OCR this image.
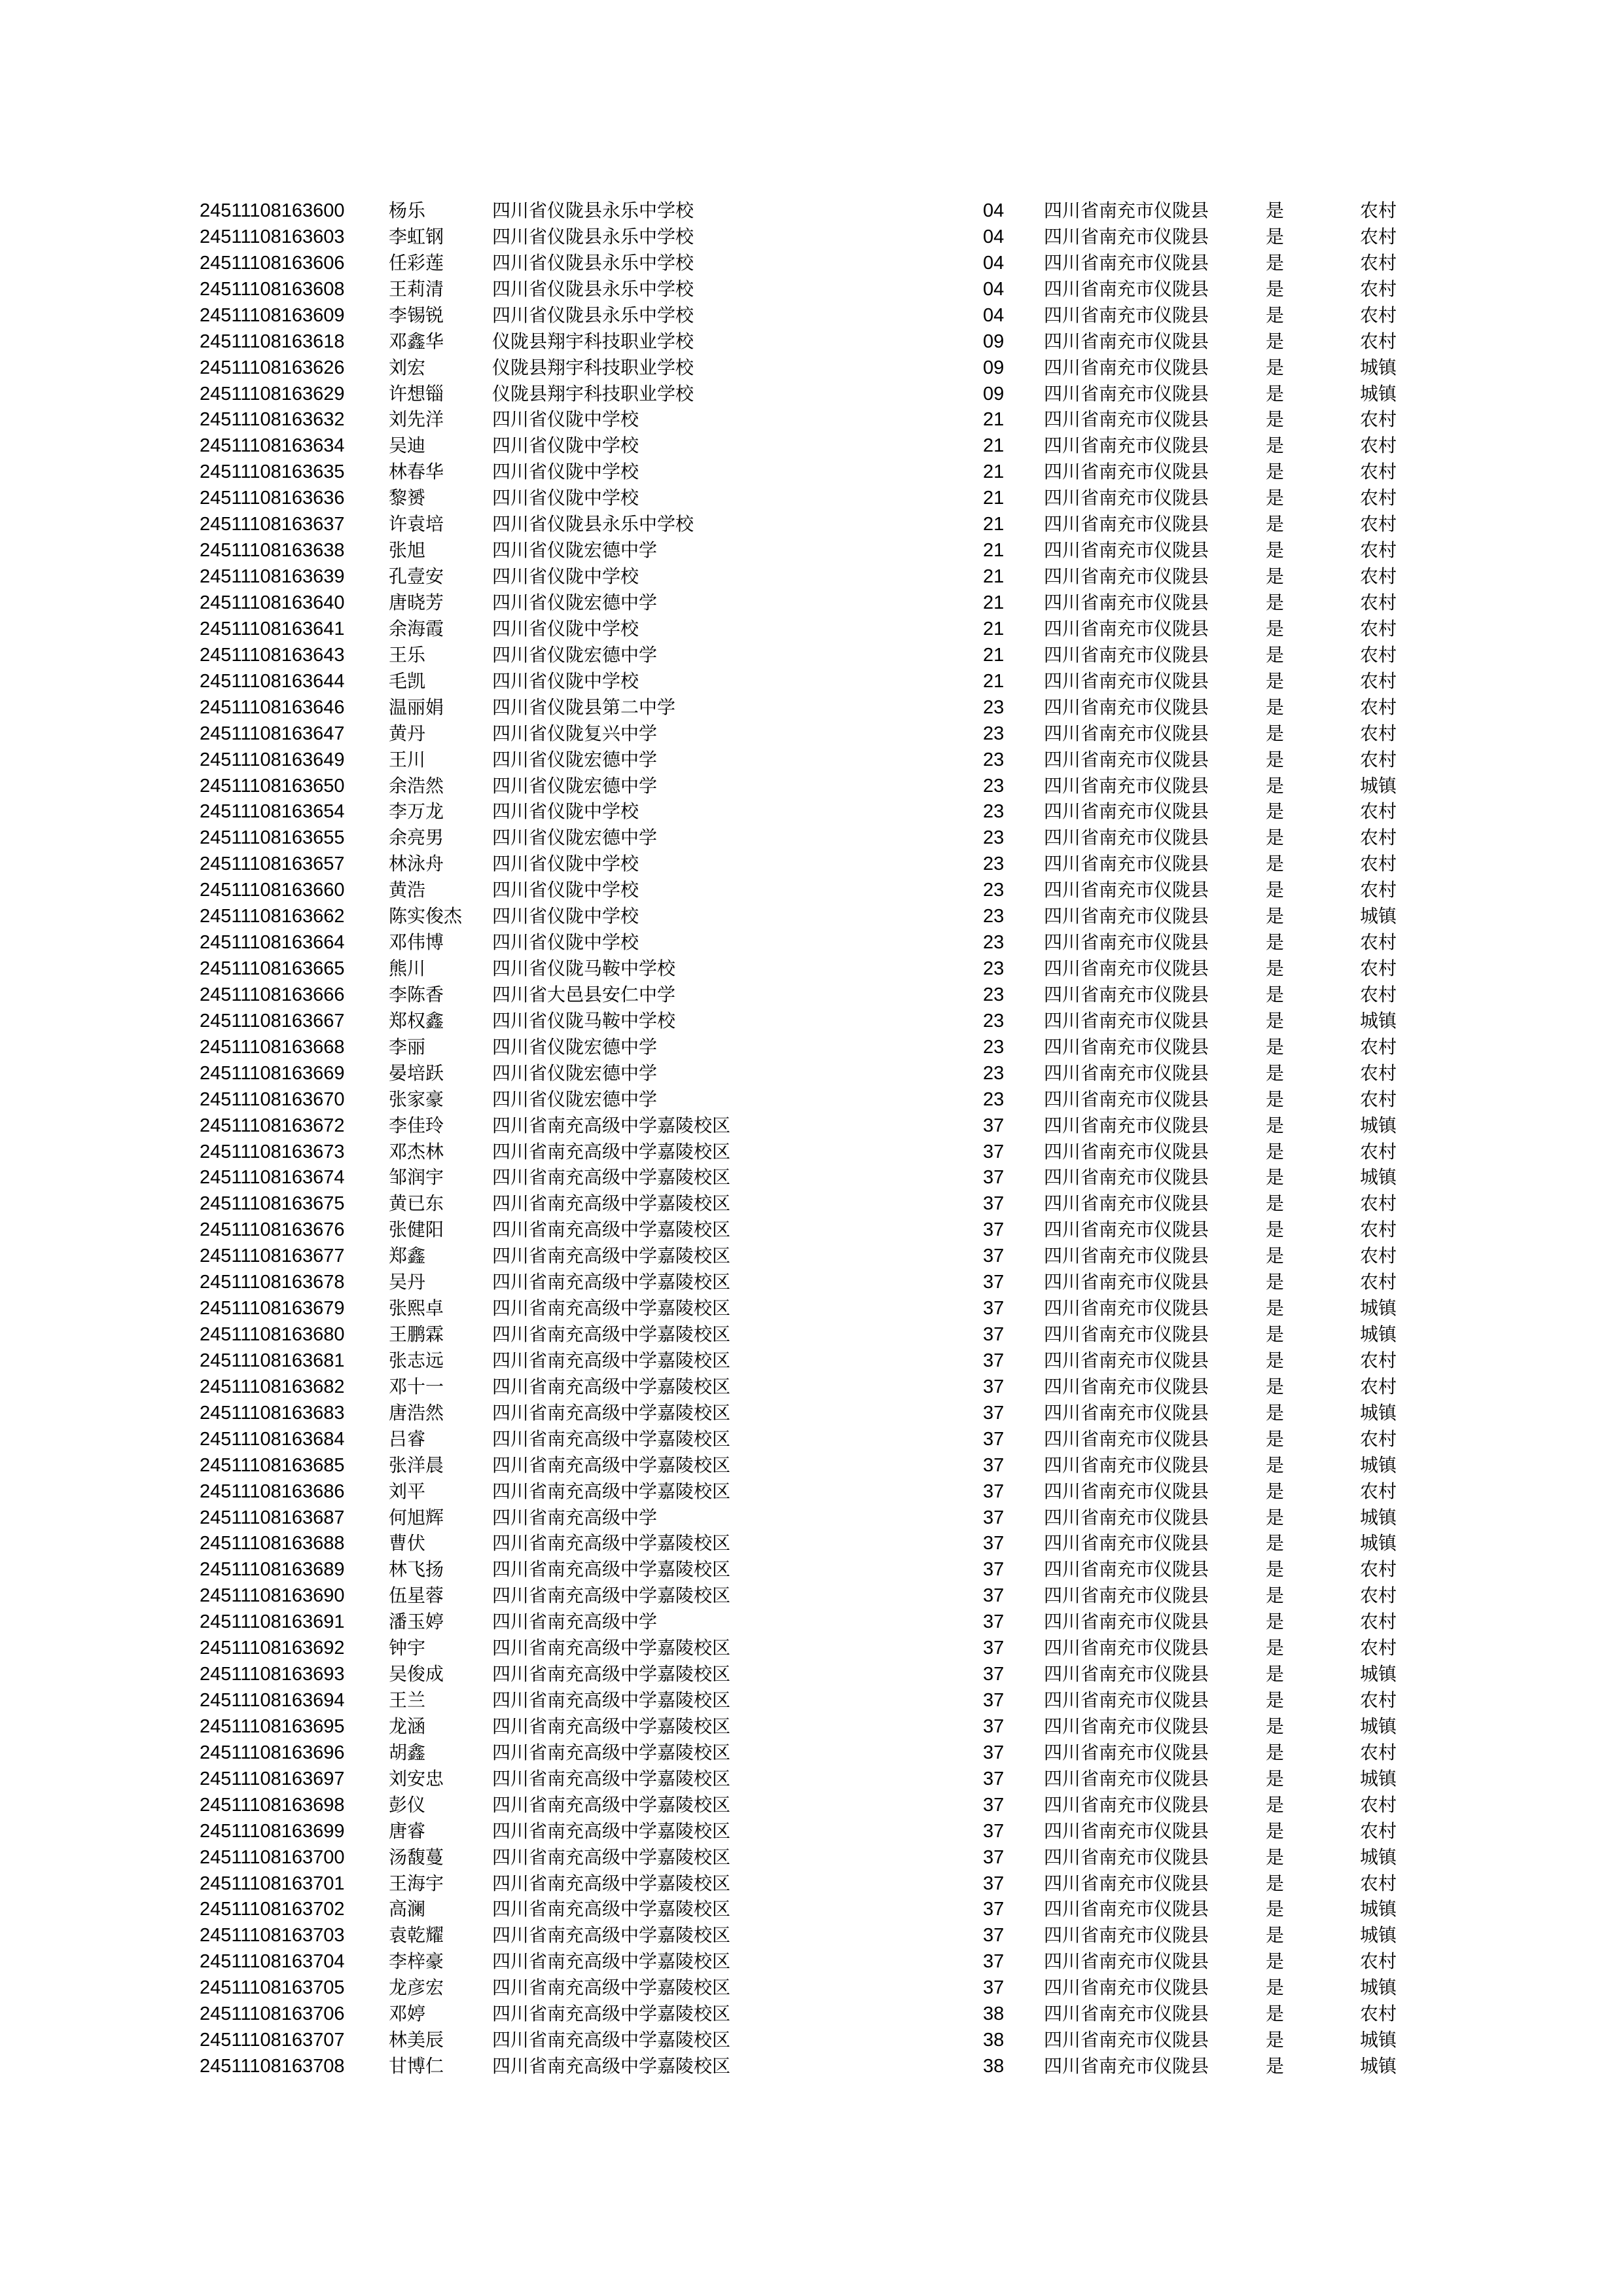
24511108163600	杨乐	四川省仪陇县永乐中学校	04	四川省南充市仪陇县	是	农村
24511108163603	李虹钢	四川省仪陇县永乐中学校	04	四川省南充市仪陇县	是	农村
24511108163606	任彩莲	四川省仪陇县永乐中学校	04	四川省南充市仪陇县	是	农村
24511108163608	王莉清	四川省仪陇县永乐中学校	04	四川省南充市仪陇县	是	农村
24511108163609	李锡锐	四川省仪陇县永乐中学校	04	四川省南充市仪陇县	是	农村
24511108163618	邓鑫华	仪陇县翔宇科技职业学校	09	四川省南充市仪陇县	是	农村
24511108163626	刘宏	仪陇县翔宇科技职业学校	09	四川省南充市仪陇县	是	城镇
24511108163629	许想锱	仪陇县翔宇科技职业学校	09	四川省南充市仪陇县	是	城镇
24511108163632	刘先洋	四川省仪陇中学校	21	四川省南充市仪陇县	是	农村
24511108163634	吴迪	四川省仪陇中学校	21	四川省南充市仪陇县	是	农村
24511108163635	林春华	四川省仪陇中学校	21	四川省南充市仪陇县	是	农村
24511108163636	黎赟	四川省仪陇中学校	21	四川省南充市仪陇县	是	农村
24511108163637	许袁培	四川省仪陇县永乐中学校	21	四川省南充市仪陇县	是	农村
24511108163638	张旭	四川省仪陇宏德中学	21	四川省南充市仪陇县	是	农村
24511108163639	孔壹安	四川省仪陇中学校	21	四川省南充市仪陇县	是	农村
24511108163640	唐晓芳	四川省仪陇宏德中学	21	四川省南充市仪陇县	是	农村
24511108163641	余海霞	四川省仪陇中学校	21	四川省南充市仪陇县	是	农村
24511108163643	王乐	四川省仪陇宏德中学	21	四川省南充市仪陇县	是	农村
24511108163644	毛凯	四川省仪陇中学校	21	四川省南充市仪陇县	是	农村
24511108163646	温丽娟	四川省仪陇县第二中学	23	四川省南充市仪陇县	是	农村
24511108163647	黄丹	四川省仪陇复兴中学	23	四川省南充市仪陇县	是	农村
24511108163649	王川	四川省仪陇宏德中学	23	四川省南充市仪陇县	是	农村
24511108163650	余浩然	四川省仪陇宏德中学	23	四川省南充市仪陇县	是	城镇
24511108163654	李万龙	四川省仪陇中学校	23	四川省南充市仪陇县	是	农村
24511108163655	余亮男	四川省仪陇宏德中学	23	四川省南充市仪陇县	是	农村
24511108163657	林泳舟	四川省仪陇中学校	23	四川省南充市仪陇县	是	农村
24511108163660	黄浩	四川省仪陇中学校	23	四川省南充市仪陇县	是	农村
24511108163662	陈实俊杰	四川省仪陇中学校	23	四川省南充市仪陇县	是	城镇
24511108163664	邓伟博	四川省仪陇中学校	23	四川省南充市仪陇县	是	农村
24511108163665	熊川	四川省仪陇马鞍中学校	23	四川省南充市仪陇县	是	农村
24511108163666	李陈香	四川省大邑县安仁中学	23	四川省南充市仪陇县	是	农村
24511108163667	郑权鑫	四川省仪陇马鞍中学校	23	四川省南充市仪陇县	是	城镇
24511108163668	李丽	四川省仪陇宏德中学	23	四川省南充市仪陇县	是	农村
24511108163669	晏培跃	四川省仪陇宏德中学	23	四川省南充市仪陇县	是	农村
24511108163670	张家豪	四川省仪陇宏德中学	23	四川省南充市仪陇县	是	农村
24511108163672	李佳玲	四川省南充高级中学嘉陵校区	37	四川省南充市仪陇县	是	城镇
24511108163673	邓杰林	四川省南充高级中学嘉陵校区	37	四川省南充市仪陇县	是	农村
24511108163674	邹润宇	四川省南充高级中学嘉陵校区	37	四川省南充市仪陇县	是	城镇
24511108163675	黄已东	四川省南充高级中学嘉陵校区	37	四川省南充市仪陇县	是	农村
24511108163676	张健阳	四川省南充高级中学嘉陵校区	37	四川省南充市仪陇县	是	农村
24511108163677	郑鑫	四川省南充高级中学嘉陵校区	37	四川省南充市仪陇县	是	农村
24511108163678	吴丹	四川省南充高级中学嘉陵校区	37	四川省南充市仪陇县	是	农村
24511108163679	张熙卓	四川省南充高级中学嘉陵校区	37	四川省南充市仪陇县	是	城镇
24511108163680	王鹏霖	四川省南充高级中学嘉陵校区	37	四川省南充市仪陇县	是	城镇
24511108163681	张志远	四川省南充高级中学嘉陵校区	37	四川省南充市仪陇县	是	农村
24511108163682	邓十一	四川省南充高级中学嘉陵校区	37	四川省南充市仪陇县	是	农村
24511108163683	唐浩然	四川省南充高级中学嘉陵校区	37	四川省南充市仪陇县	是	城镇
24511108163684	吕睿	四川省南充高级中学嘉陵校区	37	四川省南充市仪陇县	是	农村
24511108163685	张洋晨	四川省南充高级中学嘉陵校区	37	四川省南充市仪陇县	是	城镇
24511108163686	刘平	四川省南充高级中学嘉陵校区	37	四川省南充市仪陇县	是	农村
24511108163687	何旭辉	四川省南充高级中学	37	四川省南充市仪陇县	是	城镇
24511108163688	曹伏	四川省南充高级中学嘉陵校区	37	四川省南充市仪陇县	是	城镇
24511108163689	林飞扬	四川省南充高级中学嘉陵校区	37	四川省南充市仪陇县	是	农村
24511108163690	伍星蓉	四川省南充高级中学嘉陵校区	37	四川省南充市仪陇县	是	农村
24511108163691	潘玉婷	四川省南充高级中学	37	四川省南充市仪陇县	是	农村
24511108163692	钟宇	四川省南充高级中学嘉陵校区	37	四川省南充市仪陇县	是	农村
24511108163693	吴俊成	四川省南充高级中学嘉陵校区	37	四川省南充市仪陇县	是	城镇
24511108163694	王兰	四川省南充高级中学嘉陵校区	37	四川省南充市仪陇县	是	农村
24511108163695	龙涵	四川省南充高级中学嘉陵校区	37	四川省南充市仪陇县	是	城镇
24511108163696	胡鑫	四川省南充高级中学嘉陵校区	37	四川省南充市仪陇县	是	农村
24511108163697	刘安忠	四川省南充高级中学嘉陵校区	37	四川省南充市仪陇县	是	城镇
24511108163698	彭仪	四川省南充高级中学嘉陵校区	37	四川省南充市仪陇县	是	农村
24511108163699	唐睿	四川省南充高级中学嘉陵校区	37	四川省南充市仪陇县	是	农村
24511108163700	汤馥蔓	四川省南充高级中学嘉陵校区	37	四川省南充市仪陇县	是	城镇
24511108163701	王海宇	四川省南充高级中学嘉陵校区	37	四川省南充市仪陇县	是	农村
24511108163702	高澜	四川省南充高级中学嘉陵校区	37	四川省南充市仪陇县	是	城镇
24511108163703	袁乾耀	四川省南充高级中学嘉陵校区	37	四川省南充市仪陇县	是	城镇
24511108163704	李梓豪	四川省南充高级中学嘉陵校区	37	四川省南充市仪陇县	是	农村
24511108163705	龙彦宏	四川省南充高级中学嘉陵校区	37	四川省南充市仪陇县	是	城镇
24511108163706	邓婷	四川省南充高级中学嘉陵校区	38	四川省南充市仪陇县	是	农村
24511108163707	林美辰	四川省南充高级中学嘉陵校区	38	四川省南充市仪陇县	是	城镇
24511108163708	甘博仁	四川省南充高级中学嘉陵校区	38	四川省南充市仪陇县	是	城镇
